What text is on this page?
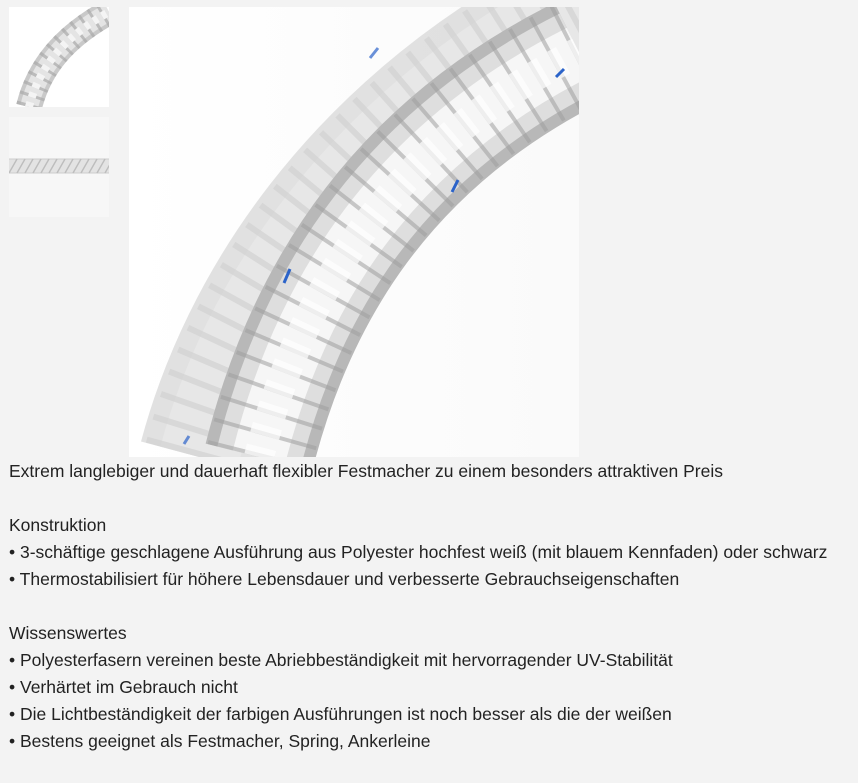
Extrem langlebiger und dauerhaft flexibler Festmacher zu einem besonders attraktiven Preis

Konstruktion

• 3-schäftige geschlagene Ausführung aus Polyester hochfest weiß (mit blauem Kennfaden) oder schwarz

• Thermostabilisiert für höhere Lebensdauer und verbesserte Gebrauchseigenschaften

Wissenswertes

• Polyesterfasern vereinen beste Abriebbeständigkeit mit hervorragender UV-Stabilität

• Verhärtet im Gebrauch nicht

• Die Lichtbeständigkeit der farbigen Ausführungen ist noch besser als die der weißen

• Bestens geeignet als Festmacher, Spring, Ankerleine
